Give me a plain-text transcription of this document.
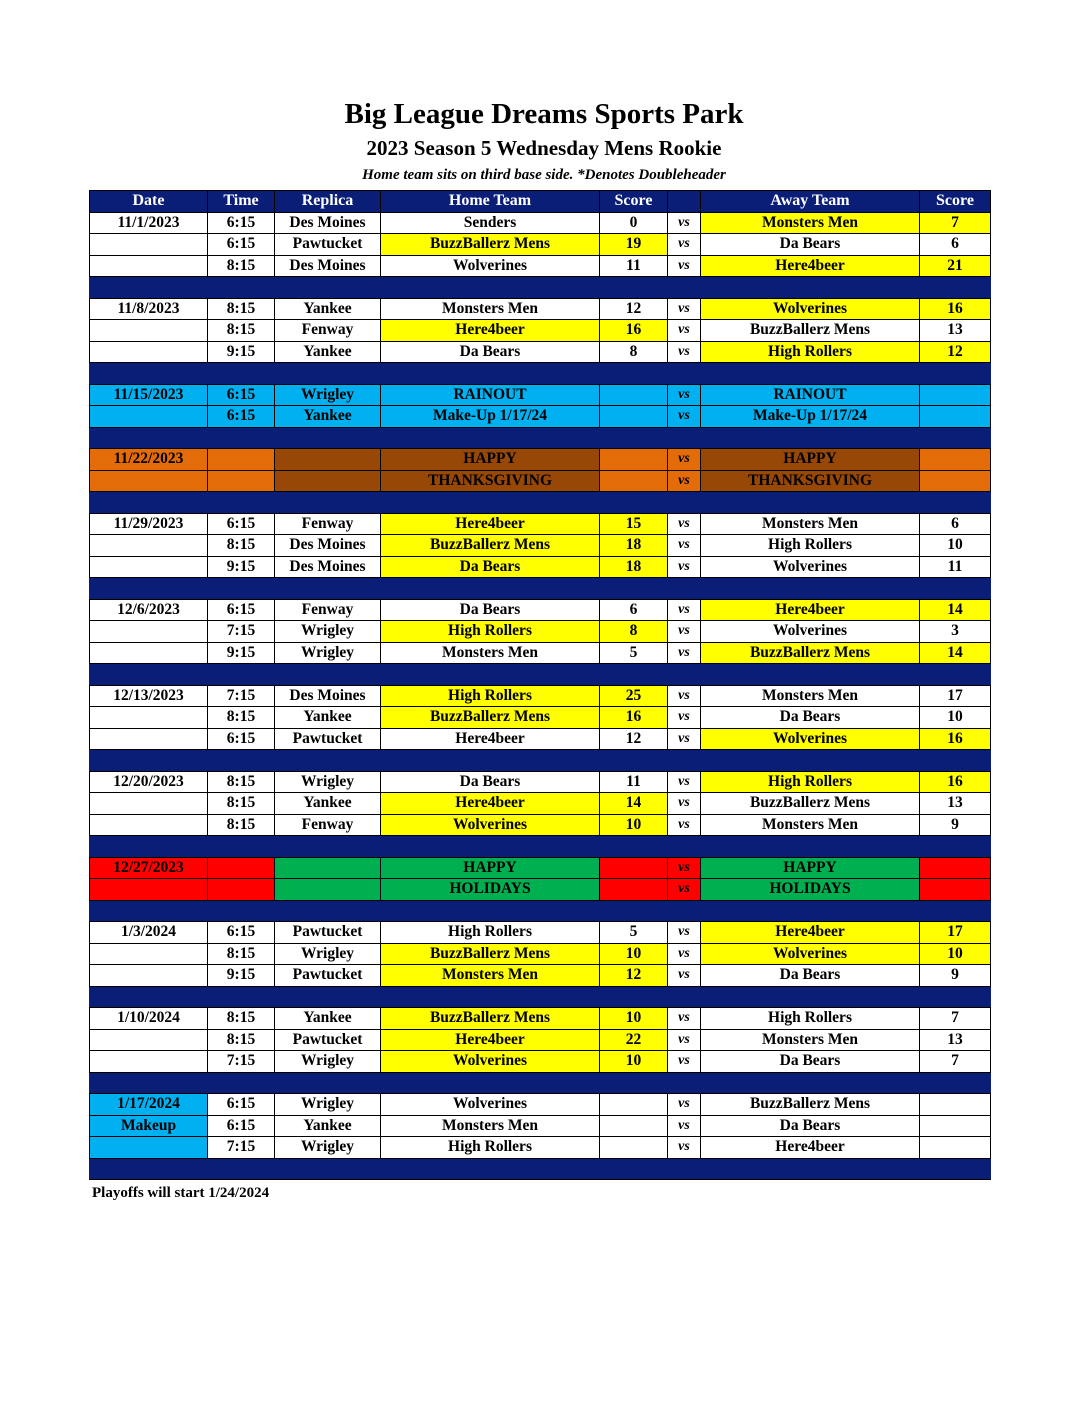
Big League Dreams Sports Park
2023 Season 5 Wednesday Mens Rookie
Home team sits on third base side. *Denotes Doubleheader
Date	Time	Replica	Home Team	Score		Away Team	Score
11/1/2023	6:15	Des Moines	Senders	0	vs	Monsters Men	7
	6:15	Pawtucket	BuzzBallerz Mens	19	vs	Da Bears	6
	8:15	Des Moines	Wolverines	11	vs	Here4beer	21

11/8/2023	8:15	Yankee	Monsters Men	12	vs	Wolverines	16
	8:15	Fenway	Here4beer	16	vs	BuzzBallerz Mens	13
	9:15	Yankee	Da Bears	8	vs	High Rollers	12

11/15/2023	6:15	Wrigley	RAINOUT		vs	RAINOUT	
	6:15	Yankee	Make-Up 1/17/24		vs	Make-Up 1/17/24	

11/22/2023			HAPPY		vs	HAPPY	
			THANKSGIVING		vs	THANKSGIVING	

11/29/2023	6:15	Fenway	Here4beer	15	vs	Monsters Men	6
	8:15	Des Moines	BuzzBallerz Mens	18	vs	High Rollers	10
	9:15	Des Moines	Da Bears	18	vs	Wolverines	11

12/6/2023	6:15	Fenway	Da Bears	6	vs	Here4beer	14
	7:15	Wrigley	High Rollers	8	vs	Wolverines	3
	9:15	Wrigley	Monsters Men	5	vs	BuzzBallerz Mens	14

12/13/2023	7:15	Des Moines	High Rollers	25	vs	Monsters Men	17
	8:15	Yankee	BuzzBallerz Mens	16	vs	Da Bears	10
	6:15	Pawtucket	Here4beer	12	vs	Wolverines	16

12/20/2023	8:15	Wrigley	Da Bears	11	vs	High Rollers	16
	8:15	Yankee	Here4beer	14	vs	BuzzBallerz Mens	13
	8:15	Fenway	Wolverines	10	vs	Monsters Men	9

12/27/2023			HAPPY		vs	HAPPY	
			HOLIDAYS		vs	HOLIDAYS	

1/3/2024	6:15	Pawtucket	High Rollers	5	vs	Here4beer	17
	8:15	Wrigley	BuzzBallerz Mens	10	vs	Wolverines	10
	9:15	Pawtucket	Monsters Men	12	vs	Da Bears	9

1/10/2024	8:15	Yankee	BuzzBallerz Mens	10	vs	High Rollers	7
	8:15	Pawtucket	Here4beer	22	vs	Monsters Men	13
	7:15	Wrigley	Wolverines	10	vs	Da Bears	7

1/17/2024	6:15	Wrigley	Wolverines		vs	BuzzBallerz Mens	
Makeup	6:15	Yankee	Monsters Men		vs	Da Bears	
	7:15	Wrigley	High Rollers		vs	Here4beer	

Playoffs will start 1/24/2024
